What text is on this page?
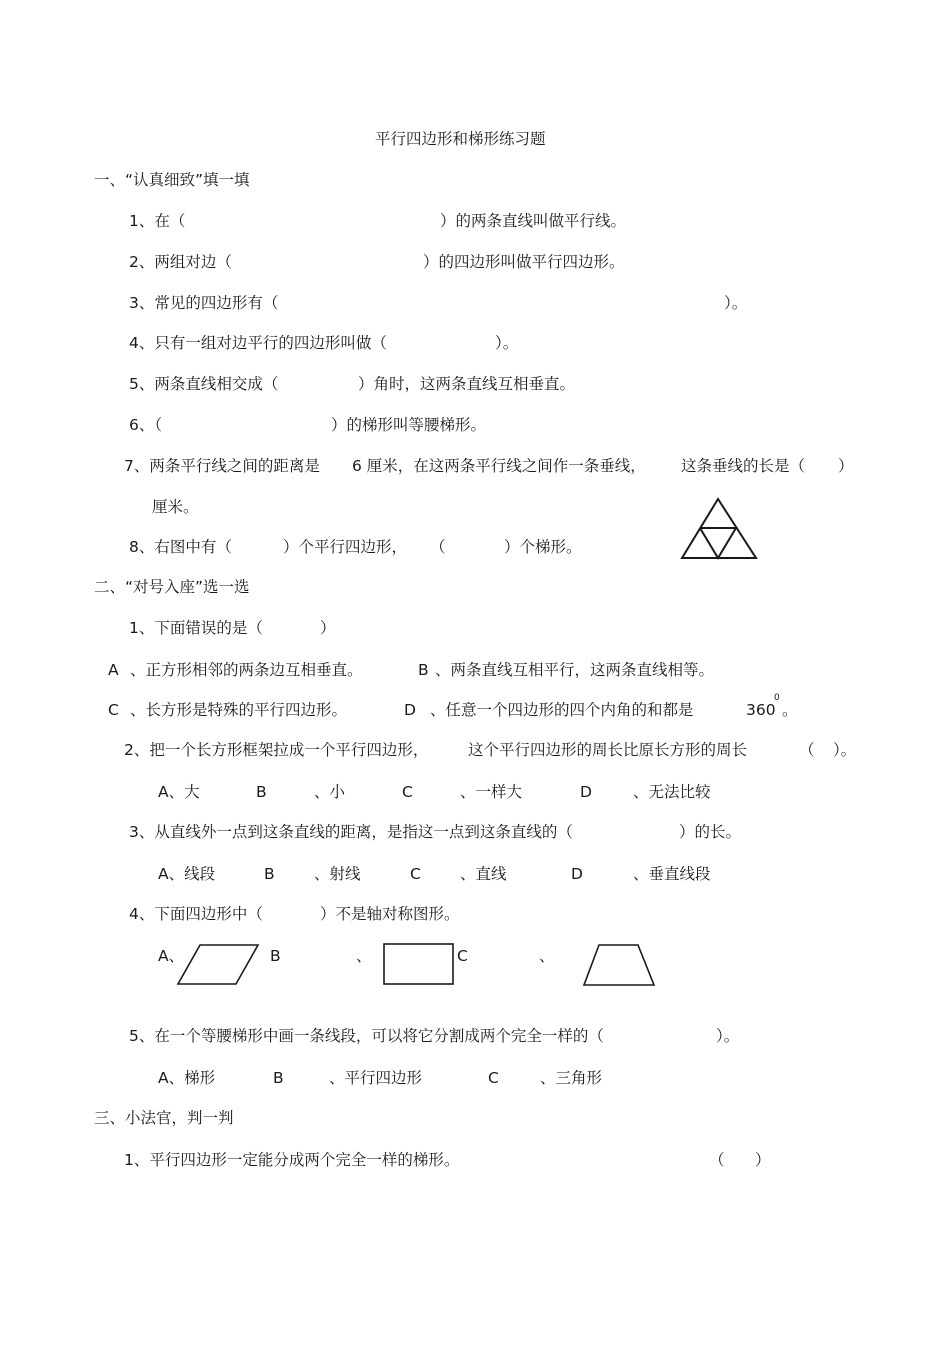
平行四边形和梯形练习题
一、“认真细致”填一填
1、在（	）的两条直线叫做平行线。
2、两组对边（	）的四边形叫做平行四边形。
3、常见的四边形有（	）。
4、只有一组对边平行的四边形叫做（	）。
5、两条直线相交成（	）角时，这两条直线互相垂直。
6、（	）的梯形叫等腰梯形。
7、两条平行线之间的距离是 6 厘米，在这两条平行线之间作一条垂线， 这条垂线的长是（ ）
厘米。
8、右图中有（	）个平行四边形， （	）个梯形。
二、“对号入座”选一选
1、下面错误的是（	）
A 、正方形相邻的两条边互相垂直。	B 、两条直线互相平行，这两条直线相等。
C 、长方形是特殊的平行四边形。	D 、任意一个四边形的四个内角的和都是	360
0
。
2、把一个长方形框架拉成一个平行四边形，	这个平行四边形的周长比原长方形的周长	（ ）。
A、大	B	、小	C	、一样大	D	、无法比较
3、从直线外一点到这条直线的距离，是指这一点到这条直线的（	）的长。
A、线段	B	、射线	C	、直线	D	、垂直线段
4、下面四边形中（	）不是轴对称图形。
A、	B	、	C	、
5、在一个等腰梯形中画一条线段，可以将它分割成两个完全一样的（	）。
A、梯形	B	、平行四边形	C	、三角形
三、小法官，判一判
1、平行四边形一定能分成两个完全一样的梯形。	（ ）
